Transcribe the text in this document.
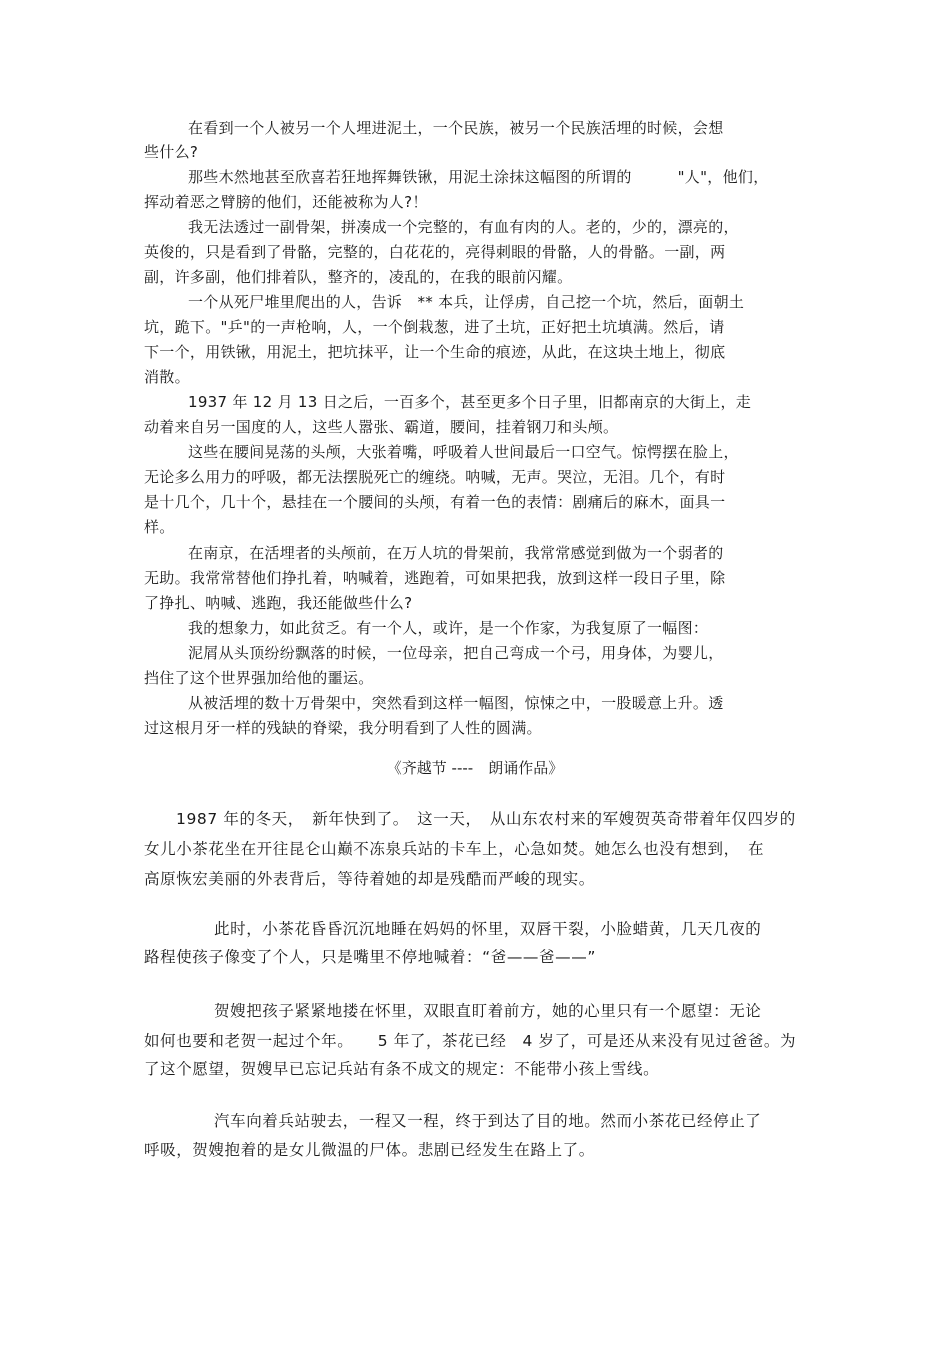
在看到一个人被另一个人埋进泥土，一个民族，被另一个民族活埋的时候，会想
些什么?
那些木然地甚至欣喜若狂地挥舞铁锹，用泥土涂抹这幅图的所谓的　　　"人"，他们，
挥动着恶之臂膀的他们，还能被称为人?！
我无法透过一副骨架，拼凑成一个完整的，有血有肉的人。老的，少的，漂亮的，
英俊的，只是看到了骨骼，完整的，白花花的，亮得刺眼的骨骼，人的骨骼。一副，两
副，许多副，他们排着队，整齐的，凌乱的，在我的眼前闪耀。
一个从死尸堆里爬出的人，告诉　** 本兵，让俘虏，自己挖一个坑，然后，面朝土
坑，跪下。"乒"的一声枪响，人，一个倒栽葱，进了土坑，正好把土坑填满。然后，请
下一个，用铁锹，用泥土，把坑抹平，让一个生命的痕迹，从此，在这块土地上，彻底
消散。
1937 年 12 月 13 日之后，一百多个，甚至更多个日子里，旧都南京的大街上，走
动着来自另一国度的人，这些人嚣张、霸道，腰间，挂着钢刀和头颅。
这些在腰间晃荡的头颅，大张着嘴，呼吸着人世间最后一口空气。惊愕摆在脸上，
无论多么用力的呼吸，都无法摆脱死亡的缠绕。呐喊，无声。哭泣，无泪。几个，有时
是十几个，几十个，悬挂在一个腰间的头颅，有着一色的表情：剧痛后的麻木，面具一
样。
在南京，在活埋者的头颅前，在万人坑的骨架前，我常常感觉到做为一个弱者的
无助。我常常替他们挣扎着，呐喊着，逃跑着，可如果把我，放到这样一段日子里，除
了挣扎、呐喊、逃跑，我还能做些什么?
我的想象力，如此贫乏。有一个人，或许，是一个作家，为我复原了一幅图：
泥屑从头顶纷纷飘落的时候，一位母亲，把自己弯成一个弓，用身体，为婴儿，
挡住了这个世界强加给他的噩运。
从被活埋的数十万骨架中，突然看到这样一幅图，惊悚之中，一股暖意上升。透
过这根月牙一样的残缺的脊梁，我分明看到了人性的圆满。
《齐越节 ----　朗诵作品》
1987 年的冬天，　新年快到了。　这一天，　从山东农村来的军嫂贺英奇带着年仅四岁的
女儿小茶花坐在开往昆仑山巅不冻泉兵站的卡车上，心急如焚。她怎么也没有想到，　在
高原恢宏美丽的外表背后，等待着她的却是残酷而严峻的现实。
此时，小茶花昏昏沉沉地睡在妈妈的怀里，双唇干裂，小脸蜡黄，几天几夜的
路程使孩子像变了个人，只是嘴里不停地喊着：“爸——爸——”
贺嫂把孩子紧紧地搂在怀里，双眼直盯着前方，她的心里只有一个愿望：无论
如何也要和老贺一起过个年。　　5 年了，茶花已经　4 岁了，可是还从来没有见过爸爸。为
了这个愿望，贺嫂早已忘记兵站有条不成文的规定：不能带小孩上雪线。
汽车向着兵站驶去，一程又一程，终于到达了目的地。然而小茶花已经停止了
呼吸，贺嫂抱着的是女儿微温的尸体。悲剧已经发生在路上了。
